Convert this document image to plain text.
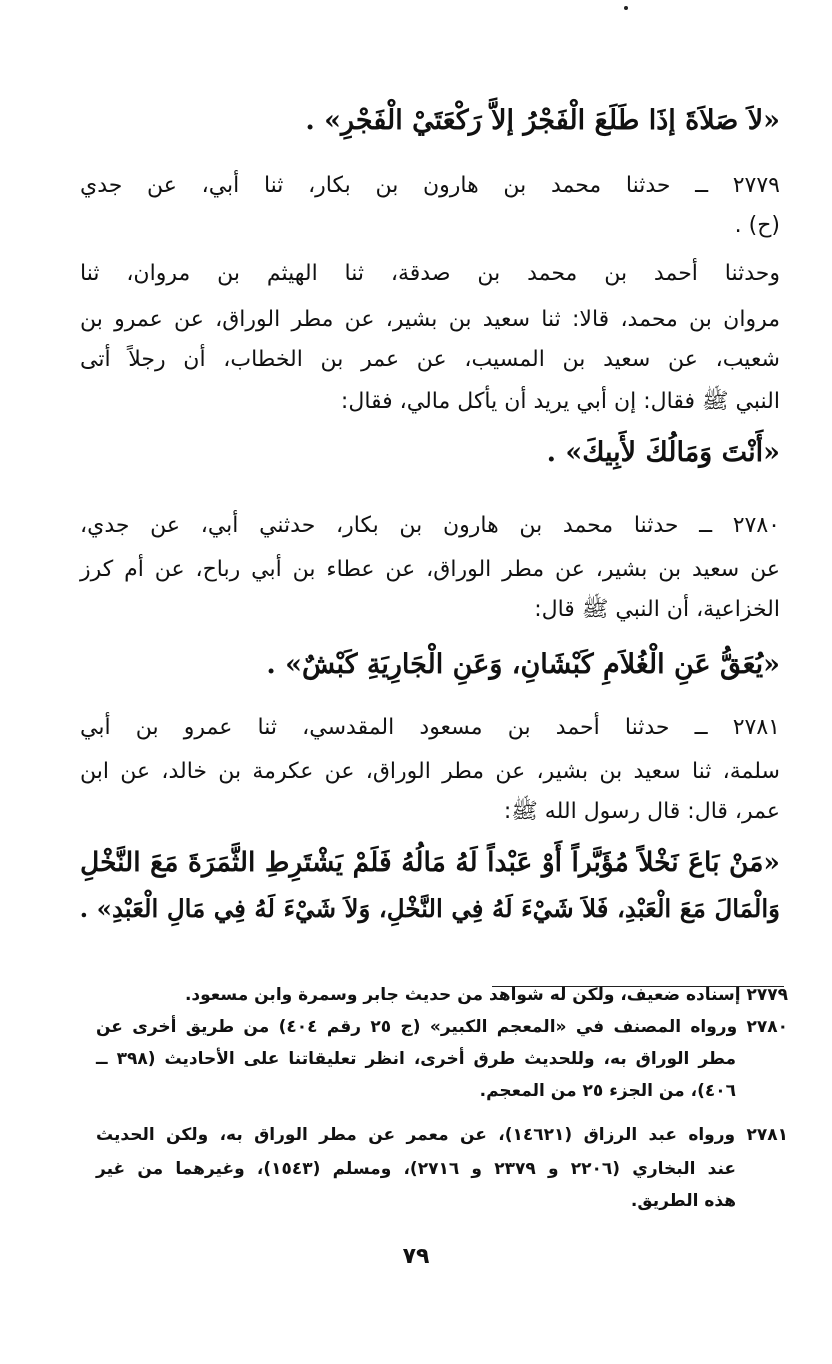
«لاَ صَلاَةَ إذَا طَلَعَ الْفَجْرُ إلاَّ رَكْعَتَيْ الْفَجْرِ» .
٢٧٧٩ ــ حدثنا محمد بن هارون بن بكار، ثنا أبي، عن جدي
(ح) .
وحدثنا أحمد بن محمد بن صدقة، ثنا الهيثم بن مروان، ثنا
مروان بن محمد، قالا: ثنا سعيد بن بشير، عن مطر الوراق، عن عمرو بن
شعيب، عن سعيد بن المسيب، عن عمر بن الخطاب، أن رجلاً أتى
النبي ﷺ فقال: إن أبي يريد أن يأكل مالي، فقال:
«أَنْتَ وَمَالُكَ لأَبِيكَ» .
٢٧٨٠ ــ حدثنا محمد بن هارون بن بكار، حدثني أبي، عن جدي،
عن سعيد بن بشير، عن مطر الوراق، عن عطاء بن أبي رباح، عن أم كرز
الخزاعية، أن النبي ﷺ قال:
«يُعَقُّ عَنِ الْغُلاَمِ كَبْشَانِ، وَعَنِ الْجَارِيَةِ كَبْشٌ» .
٢٧٨١ ــ حدثنا أحمد بن مسعود المقدسي، ثنا عمرو بن أبي
سلمة، ثنا سعيد بن بشير، عن مطر الوراق، عن عكرمة بن خالد، عن ابن
عمر، قال: قال رسول الله ﷺ:
«مَنْ بَاعَ نَخْلاً مُؤَبَّراً أَوْ عَبْداً لَهُ مَالُهُ فَلَمْ يَشْتَرِطِ الثَّمَرَةَ مَعَ النَّخْلِ
وَالْمَالَ مَعَ الْعَبْدِ، فَلاَ شَيْءَ لَهُ فِي النَّخْلِ، وَلاَ شَيْءَ لَهُ فِي مَالِ الْعَبْدِ» .
٢٧٧٩ إسناده ضعيف، ولكن له شواهد من حديث جابر وسمرة وابن مسعود.
٢٧٨٠ ورواه المصنف في «المعجم الكبير» (ج ٢٥ رقم ٤٠٤) من طريق أخرى عن
مطر الوراق به، وللحديث طرق أخرى، انظر تعليقاتنا على الأحاديث (٣٩٨ ــ
٤٠٦)، من الجزء ٢٥ من المعجم.
٢٧٨١ ورواه عبد الرزاق (١٤٦٢١)، عن معمر عن مطر الوراق به، ولكن الحديث
عند البخاري (٢٢٠٦ و ٢٣٧٩ و ٢٧١٦)، ومسلم (١٥٤٣)، وغيرهما من غير
هذه الطريق.
٧٩
